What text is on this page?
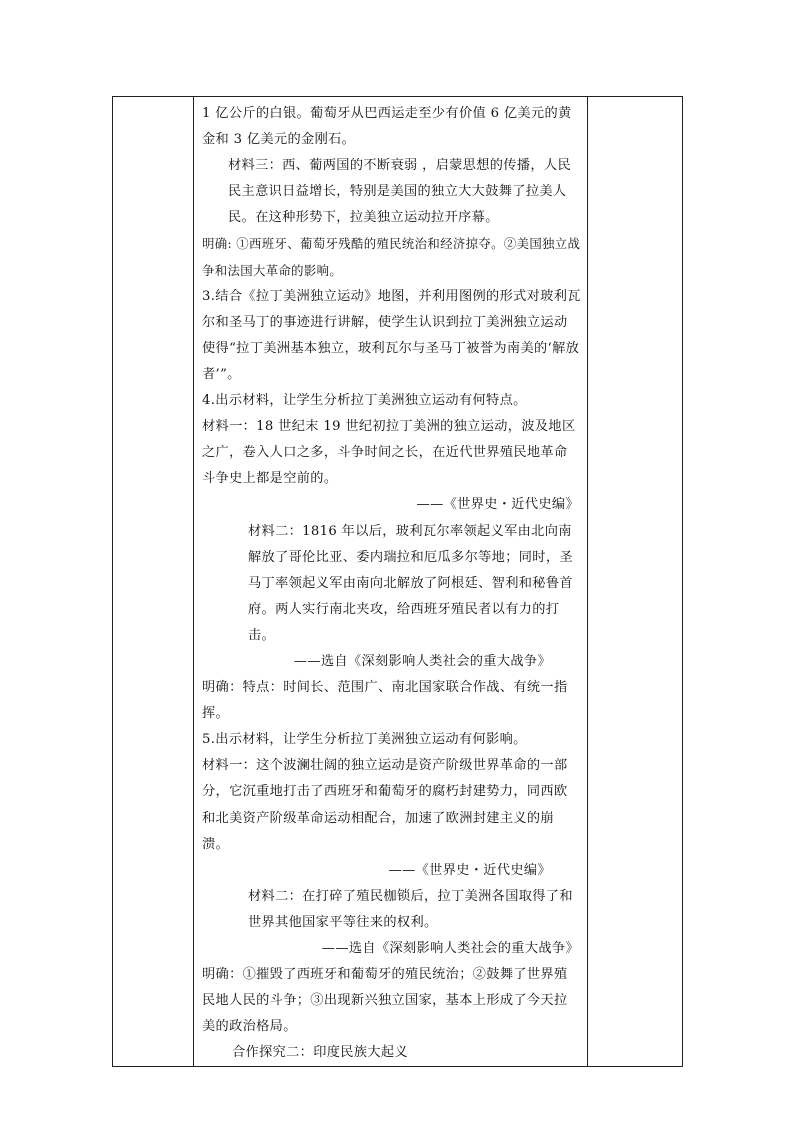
1 亿公斤的白银。葡萄牙从巴西运走至少有价值 6 亿美元的黄金和 3 亿美元的金刚石。

材料三：西、葡两国的不断衰弱 ，启蒙思想的传播，人民民主意识日益增长，特别是美国的独立大大鼓舞了拉美人民。在这种形势下，拉美独立运动拉开序幕。

明确: ①西班牙、葡萄牙残酷的殖民统治和经济掠夺。②美国独立战争和法国大革命的影响。

3.结合《拉丁美洲独立运动》地图，并利用图例的形式对玻利瓦尔和圣马丁的事迹进行讲解，使学生认识到拉丁美洲独立运动使得“拉丁美洲基本独立，玻利瓦尔与圣马丁被誉为南美的‘解放者’”。

4.出示材料，让学生分析拉丁美洲独立运动有何特点。

材料一：18 世纪末 19 世纪初拉丁美洲的独立运动，波及地区之广，卷入人口之多，斗争时间之长，在近代世界殖民地革命斗争史上都是空前的。

——《世界史・近代史编》

材料二：1816 年以后，玻利瓦尔率领起义军由北向南解放了哥伦比亚、委内瑞拉和厄瓜多尔等地；同时，圣马丁率领起义军由南向北解放了阿根廷、智利和秘鲁首府。两人实行南北夹攻，给西班牙殖民者以有力的打击。

——选自《深刻影响人类社会的重大战争》

明确：特点：时间长、范围广、南北国家联合作战、有统一指挥。

5.出示材料，让学生分析拉丁美洲独立运动有何影响。

材料一：这个波澜壮阔的独立运动是资产阶级世界革命的一部分，它沉重地打击了西班牙和葡萄牙的腐朽封建势力，同西欧和北美资产阶级革命运动相配合，加速了欧洲封建主义的崩溃。

——《世界史・近代史编》

材料二：在打碎了殖民枷锁后，拉丁美洲各国取得了和世界其他国家平等往来的权利。

——选自《深刻影响人类社会的重大战争》

明确：①摧毁了西班牙和葡萄牙的殖民统治；②鼓舞了世界殖民地人民的斗争；③出现新兴独立国家，基本上形成了今天拉美的政治格局。

合作探究二：印度民族大起义
